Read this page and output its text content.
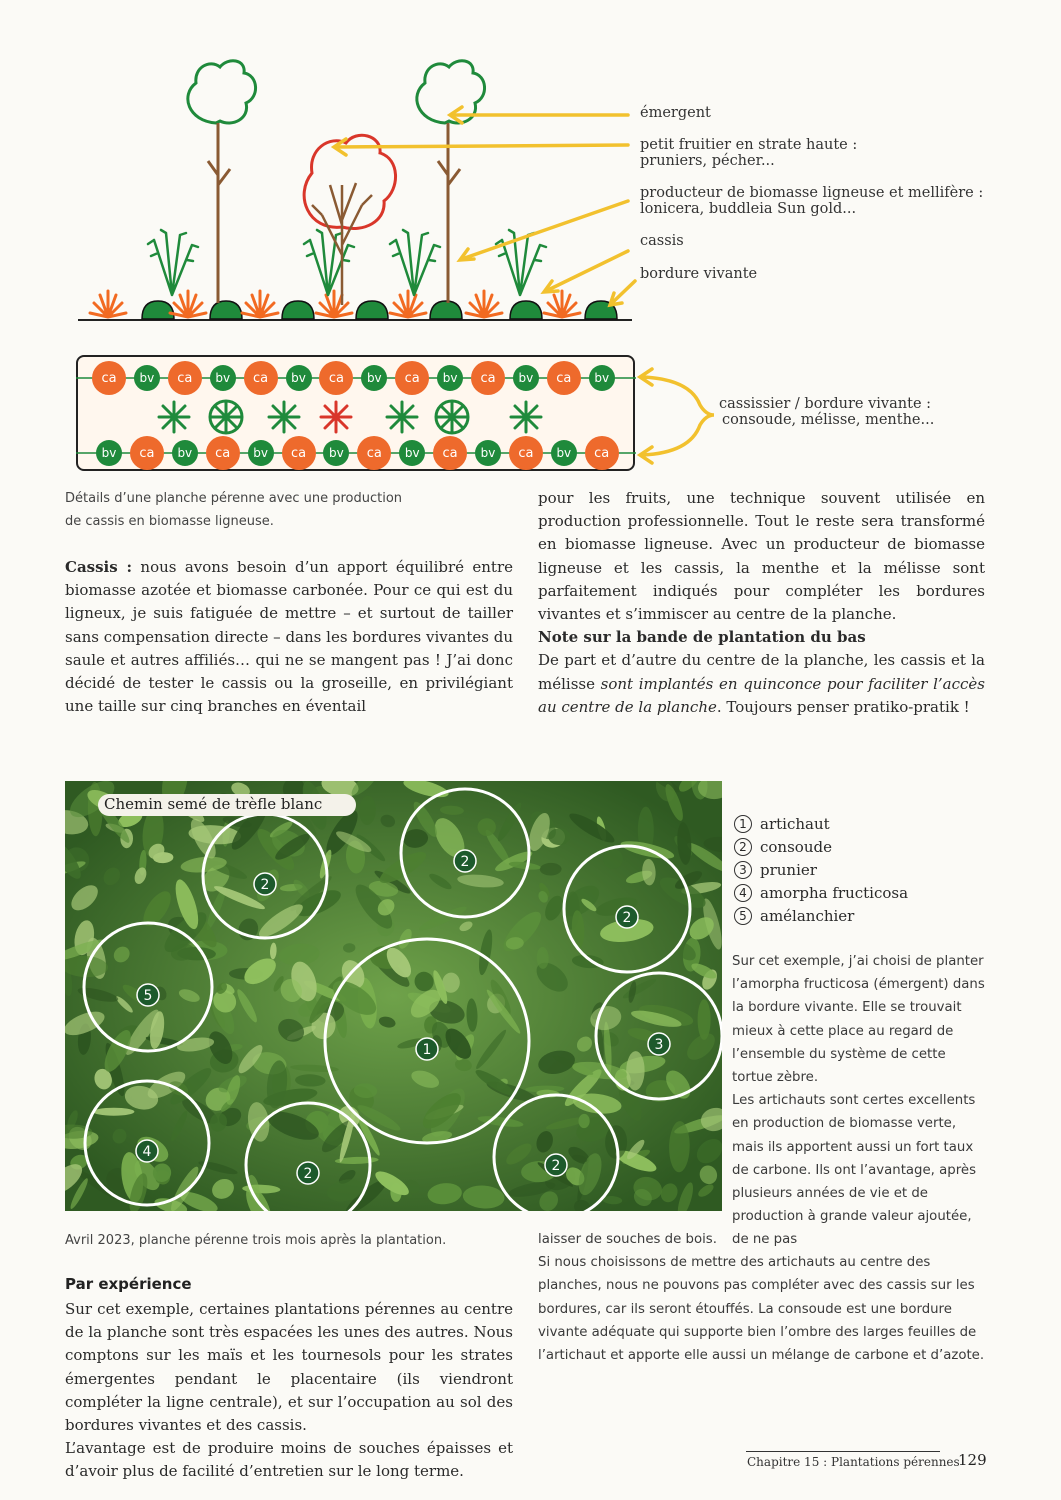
émergent
petit fruitier en strate haute :
pruniers, pécher...
producteur de biomasse ligneuse et mellifère :
lonicera, buddleia Sun gold...
cassis
bordure vivante
ca	bv	ca	bv	ca	bv	ca	bv	ca	bv	ca	bv	ca	bv
bv	ca	bv	ca	bv	ca	bv	ca	bv	ca	bv	ca	bv	ca
cassissier / bordure vivante :
consoude, mélisse, menthe...
Détails d’une planche pérenne avec une production
de cassis en biomasse ligneuse.

Cassis : nous avons besoin d’un apport équilibré entre biomasse azotée et biomasse carbonée. Pour ce qui est du ligneux, je suis fatiguée de mettre – et surtout de tailler sans compensation directe – dans les bordures vivantes du saule et autres affiliés… qui ne se mangent pas ! J’ai donc décidé de tester le cassis ou la groseille, en privilégiant une taille sur cinq branches en éventail

pour les fruits, une technique souvent utilisée en production professionnelle. Tout le reste sera transformé en biomasse ligneuse. Avec un producteur de biomasse ligneuse et les cassis, la menthe et la mélisse sont parfaitement indiqués pour compléter les bordures vivantes et s’immiscer au centre de la planche.

Note sur la bande de plantation du bas

De part et d’autre du centre de la planche, les cassis et la mélisse sont implantés en quinconce pour faciliter l’accès au centre de la planche. Toujours penser pratiko-pratik !

2
2
2
5
1	3
4
2	2
Chemin semé de trèfle blanc
1 artichaut
2 consoude
3 prunier
4 amorpha fructicosa
5 amélanchier

Sur cet exemple, j’ai choisi de planter l’amorpha fructicosa (émergent) dans la bordure vivante. Elle se trouvait mieux à cette place au regard de l’ensemble du système de cette tortue zèbre.

Les artichauts sont certes excellents en production de biomasse verte, mais ils apportent aussi un fort taux de carbone. Ils ont l’avantage, après plusieurs années de vie et de production à grande valeur ajoutée, de ne pas

laisser de souches de bois.

Si nous choisissons de mettre des artichauts au centre des planches, nous ne pouvons pas compléter avec des cassis sur les bordures, car ils seront étouffés. La consoude est une bordure vivante adéquate qui supporte bien l’ombre des larges feuilles de l’artichaut et apporte elle aussi un mélange de carbone et d’azote.

Avril 2023, planche pérenne trois mois après la plantation.
Par expérience

Sur cet exemple, certaines plantations pérennes au centre de la planche sont très espacées les unes des autres. Nous comptons sur les maïs et les tournesols pour les strates émergentes pendant le placentaire (ils viendront compléter la ligne centrale), et sur l’occupation au sol des bordures vivantes et des cassis.

L’avantage est de produire moins de souches épaisses et d’avoir plus de facilité d’entretien sur le long terme.

Chapitre 15 : Plantations pérennes
129
